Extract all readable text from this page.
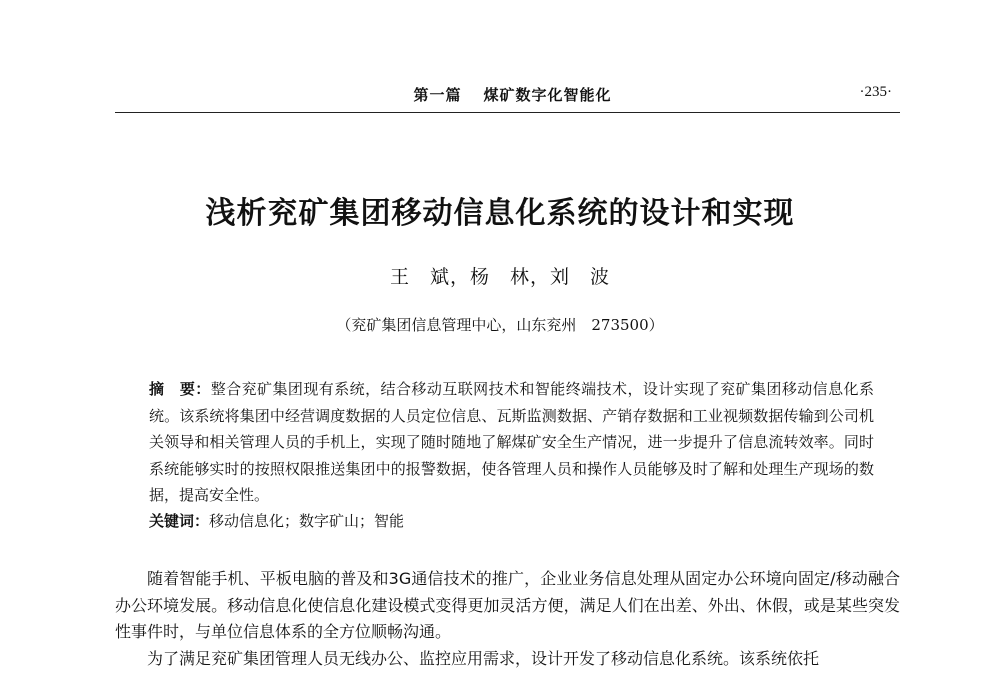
第一篇 煤矿数字化智能化	·235·
浅析兖矿集团移动信息化系统的设计和实现
王　斌，杨　林，刘　波
（兖矿集团信息管理中心，山东兖州　273500）
摘　要：整合兖矿集团现有系统，结合移动互联网技术和智能终端技术，设计实现了兖矿集团移动信息化系统。该系统将集团中经营调度数据的人员定位信息、瓦斯监测数据、产销存数据和工业视频数据传输到公司机关领导和相关管理人员的手机上，实现了随时随地了解煤矿安全生产情况，进一步提升了信息流转效率。同时系统能够实时的按照权限推送集团中的报警数据，使各管理人员和操作人员能够及时了解和处理生产现场的数据，提高安全性。
关键词：移动信息化；数字矿山；智能

随着智能手机、平板电脑的普及和3G通信技术的推广，企业业务信息处理从固定办公环境向固定/移动融合办公环境发展。移动信息化使信息化建设模式变得更加灵活方便，满足人们在出差、外出、休假，或是某些突发性事件时，与单位信息体系的全方位顺畅沟通。

为了满足兖矿集团管理人员无线办公、监控应用需求，设计开发了移动信息化系统。该系统依托
